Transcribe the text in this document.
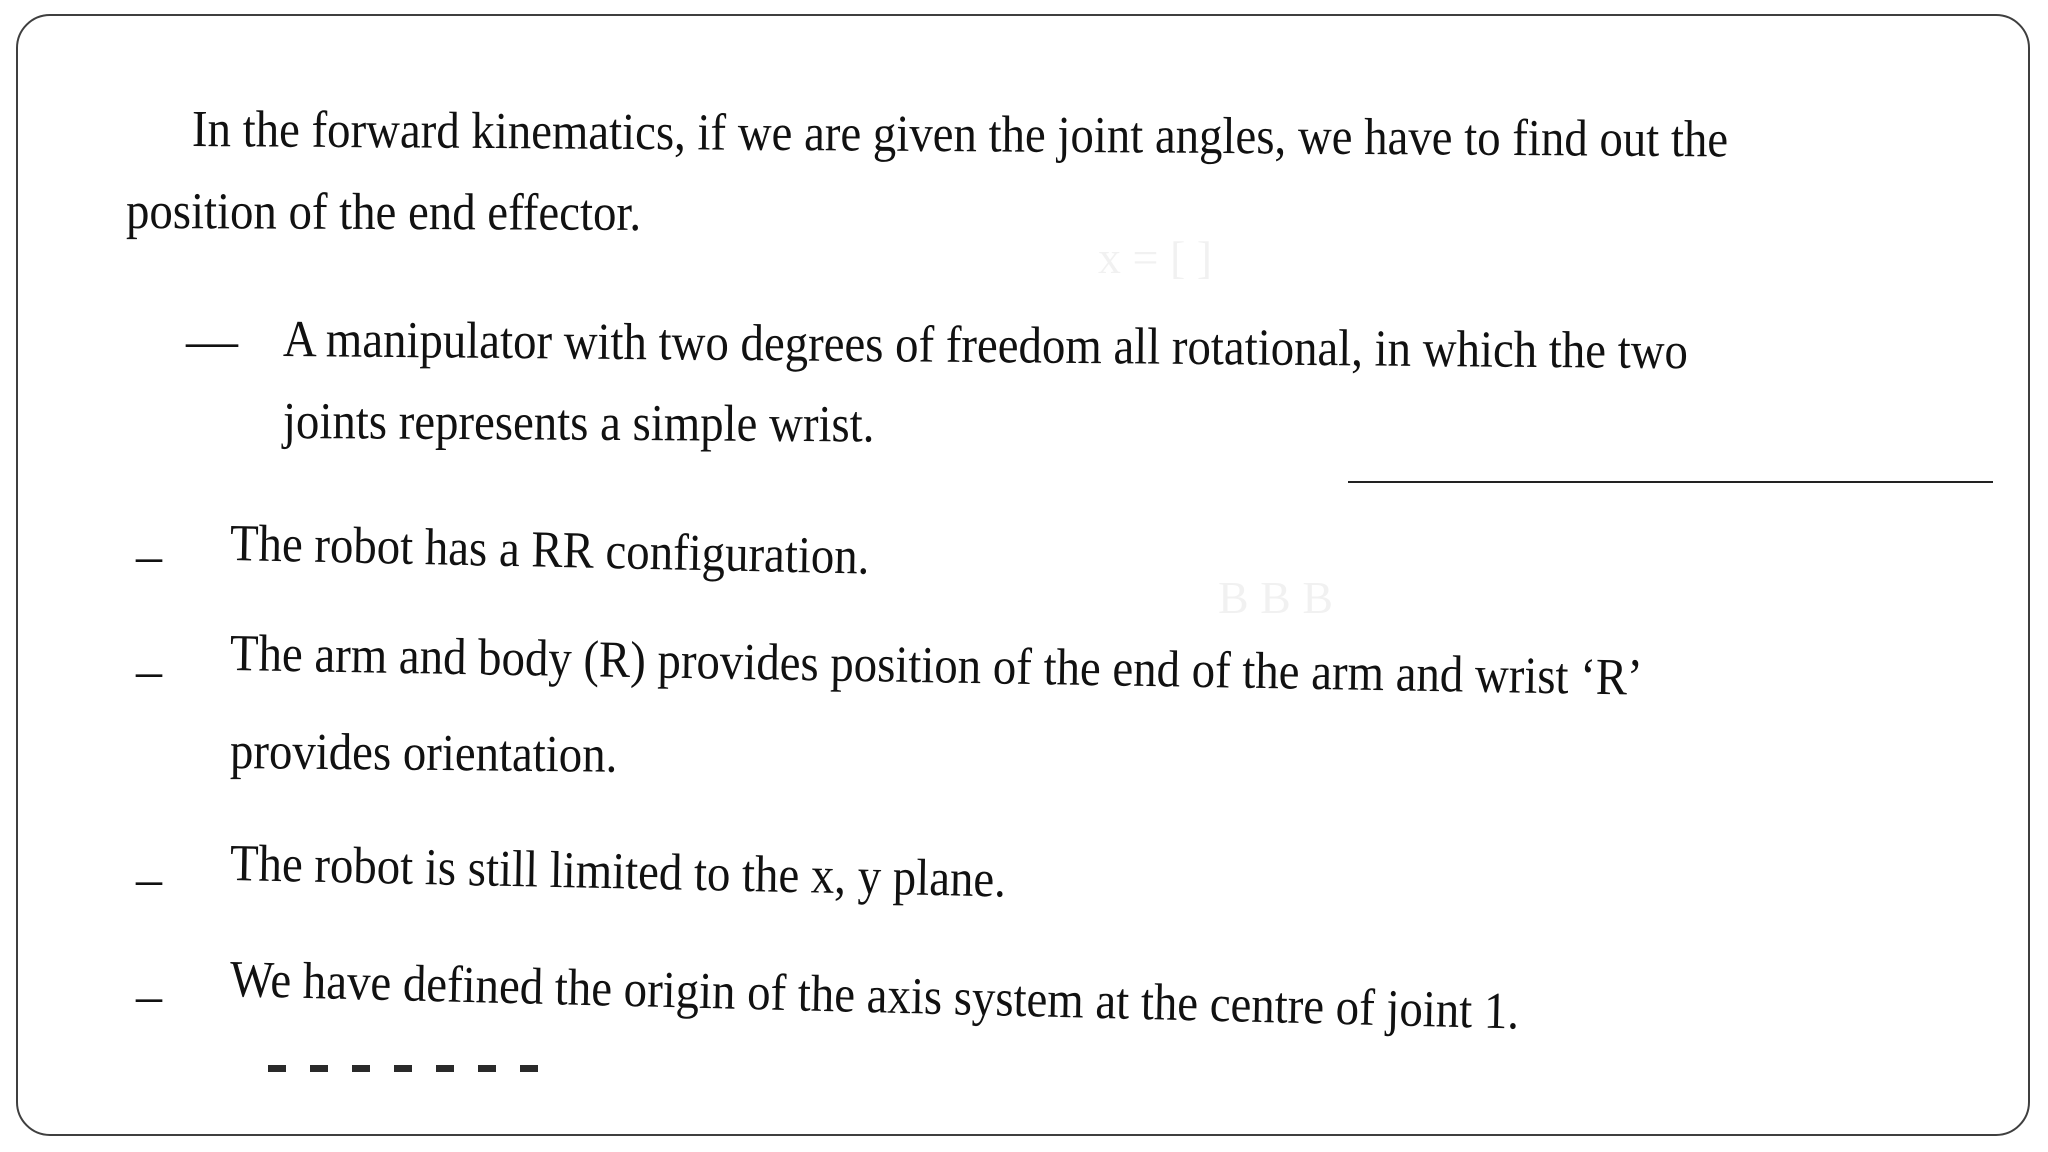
x = [ ]
B B B
In the forward kinematics, if we are given the joint angles, we have to find out the
position of the end effector.
— A manipulator with two degrees of freedom all rotational, in which the two
joints represents a simple wrist.
– The robot has a RR configuration.
– The arm and body (R) provides position of the end of the arm and wrist ‘R’
provides orientation.
– The robot is still limited to the x, y plane.
– We have defined the origin of the axis system at the centre of joint 1.
